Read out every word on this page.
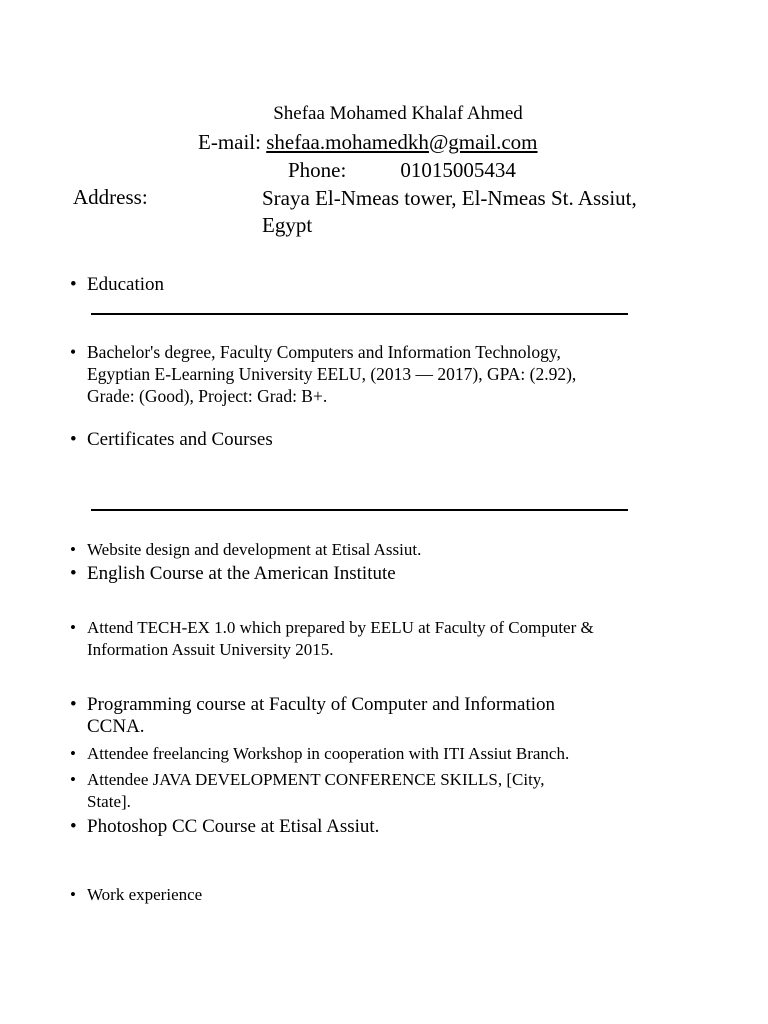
Shefaa Mohamed Khalaf Ahmed
E-mail: shefaa.mohamedkh@gmail.com
Phone:	01015005434
Address:	Sraya El-Nmeas tower, El-Nmeas St. Assiut,
Egypt
• Education
• Bachelor's degree, Faculty Computers and Information Technology,
Egyptian E-Learning University EELU, (2013 — 2017), GPA: (2.92),
Grade: (Good), Project: Grad: B+.
• Certificates and Courses
• Website design and development at Etisal Assiut.
• English Course at the American Institute
• Attend TECH-EX 1.0 which prepared by EELU at Faculty of Computer &
Information Assuit University 2015.
• Programming course at Faculty of Computer and Information
CCNA.
• Attendee freelancing Workshop in cooperation with ITI Assiut Branch.
• Attendee JAVA DEVELOPMENT CONFERENCE SKILLS, [City,
State].
• Photoshop CC Course at Etisal Assiut.
• Work experience
